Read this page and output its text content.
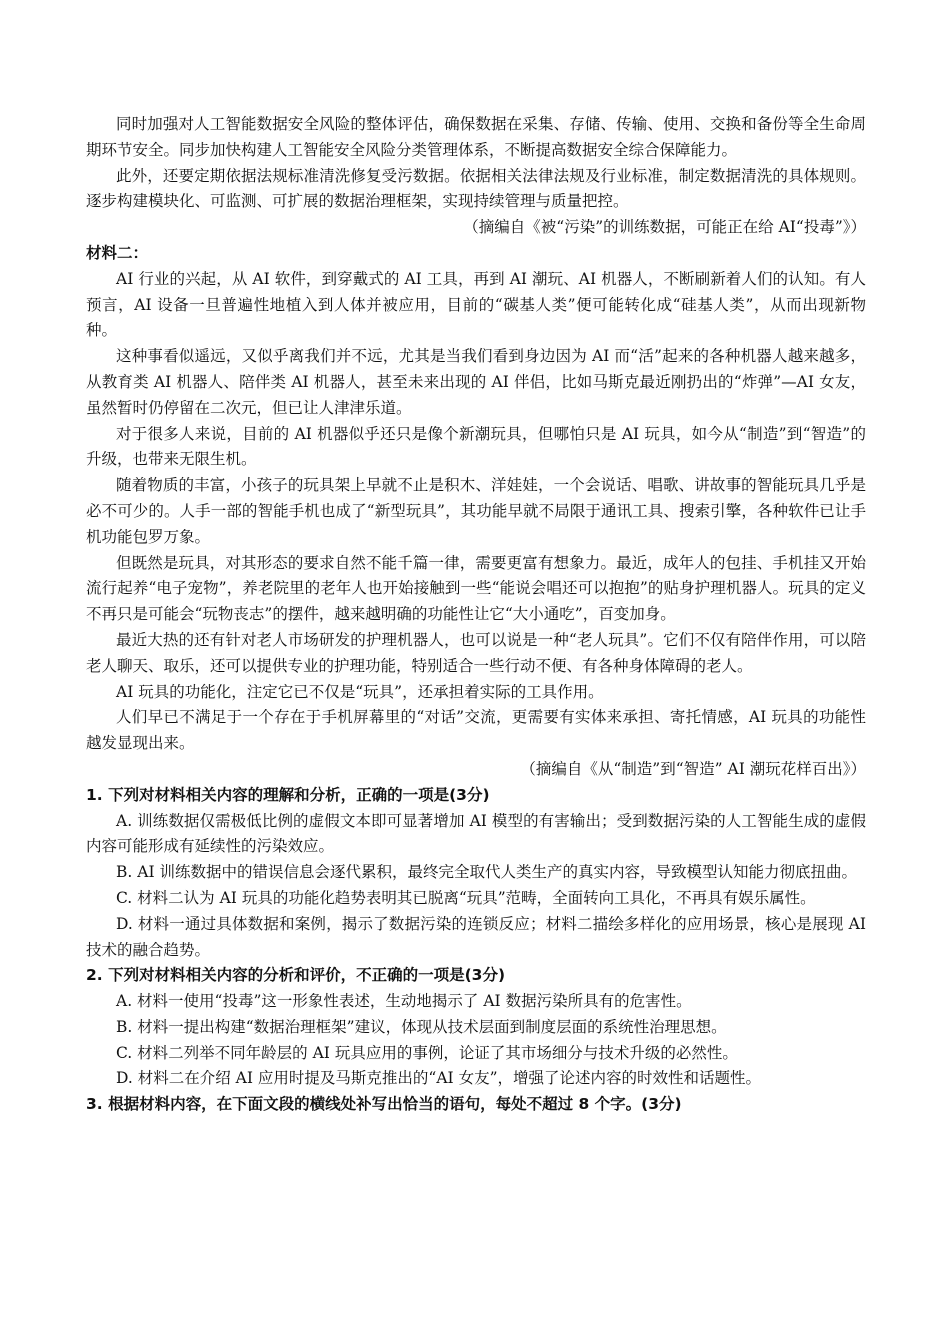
同时加强对人工智能数据安全风险的整体评估，确保数据在采集、存储、传输、使用、交换和备份等全生命周期环节安全。同步加快构建人工智能安全风险分类管理体系，不断提高数据安全综合保障能力。

此外，还要定期依据法规标准清洗修复受污数据。依据相关法律法规及行业标准，制定数据清洗的具体规则。逐步构建模块化、可监测、可扩展的数据治理框架，实现持续管理与质量把控。

（摘编自《被“污染”的训练数据，可能正在给 AI“投毒”》）

材料二：

AI 行业的兴起，从 AI 软件，到穿戴式的 AI 工具，再到 AI 潮玩、AI 机器人，不断刷新着人们的认知。有人预言，AI 设备一旦普遍性地植入到人体并被应用，目前的“碳基人类”便可能转化成“硅基人类”，从而出现新物种。

这种事看似遥远，又似乎离我们并不远，尤其是当我们看到身边因为 AI 而“活”起来的各种机器人越来越多，从教育类 AI 机器人、陪伴类 AI 机器人，甚至未来出现的 AI 伴侣，比如马斯克最近刚扔出的“炸弹”—AI 女友，虽然暂时仍停留在二次元，但已让人津津乐道。

对于很多人来说，目前的 AI 机器似乎还只是像个新潮玩具，但哪怕只是 AI 玩具，如今从“制造”到“智造”的升级，也带来无限生机。

随着物质的丰富，小孩子的玩具架上早就不止是积木、洋娃娃，一个会说话、唱歌、讲故事的智能玩具几乎是必不可少的。人手一部的智能手机也成了“新型玩具”，其功能早就不局限于通讯工具、搜索引擎，各种软件已让手机功能包罗万象。

但既然是玩具，对其形态的要求自然不能千篇一律，需要更富有想象力。最近，成年人的包挂、手机挂又开始流行起养“电子宠物”，养老院里的老年人也开始接触到一些“能说会唱还可以抱抱”的贴身护理机器人。玩具的定义不再只是可能会“玩物丧志”的摆件，越来越明确的功能性让它“大小通吃”，百变加身。

最近大热的还有针对老人市场研发的护理机器人，也可以说是一种“老人玩具”。它们不仅有陪伴作用，可以陪老人聊天、取乐，还可以提供专业的护理功能，特别适合一些行动不便、有各种身体障碍的老人。

AI 玩具的功能化，注定它已不仅是“玩具”，还承担着实际的工具作用。

人们早已不满足于一个存在于手机屏幕里的“对话”交流，更需要有实体来承担、寄托情感，AI 玩具的功能性越发显现出来。

（摘编自《从“制造”到“智造” AI 潮玩花样百出》）

1. 下列对材料相关内容的理解和分析，正确的一项是(3分)

A. 训练数据仅需极低比例的虚假文本即可显著增加 AI 模型的有害输出；受到数据污染的人工智能生成的虚假内容可能形成有延续性的污染效应。

B. AI 训练数据中的错误信息会逐代累积，最终完全取代人类生产的真实内容，导致模型认知能力彻底扭曲。

C. 材料二认为 AI 玩具的功能化趋势表明其已脱离“玩具”范畴，全面转向工具化，不再具有娱乐属性。

D. 材料一通过具体数据和案例，揭示了数据污染的连锁反应；材料二描绘多样化的应用场景，核心是展现 AI 技术的融合趋势。

2. 下列对材料相关内容的分析和评价，不正确的一项是(3分)

A. 材料一使用“投毒”这一形象性表述，生动地揭示了 AI 数据污染所具有的危害性。

B. 材料一提出构建“数据治理框架”建议，体现从技术层面到制度层面的系统性治理思想。

C. 材料二列举不同年龄层的 AI 玩具应用的事例，论证了其市场细分与技术升级的必然性。

D. 材料二在介绍 AI 应用时提及马斯克推出的“AI 女友”，增强了论述内容的时效性和话题性。

3. 根据材料内容，在下面文段的横线处补写出恰当的语句，每处不超过 8 个字。(3分)
